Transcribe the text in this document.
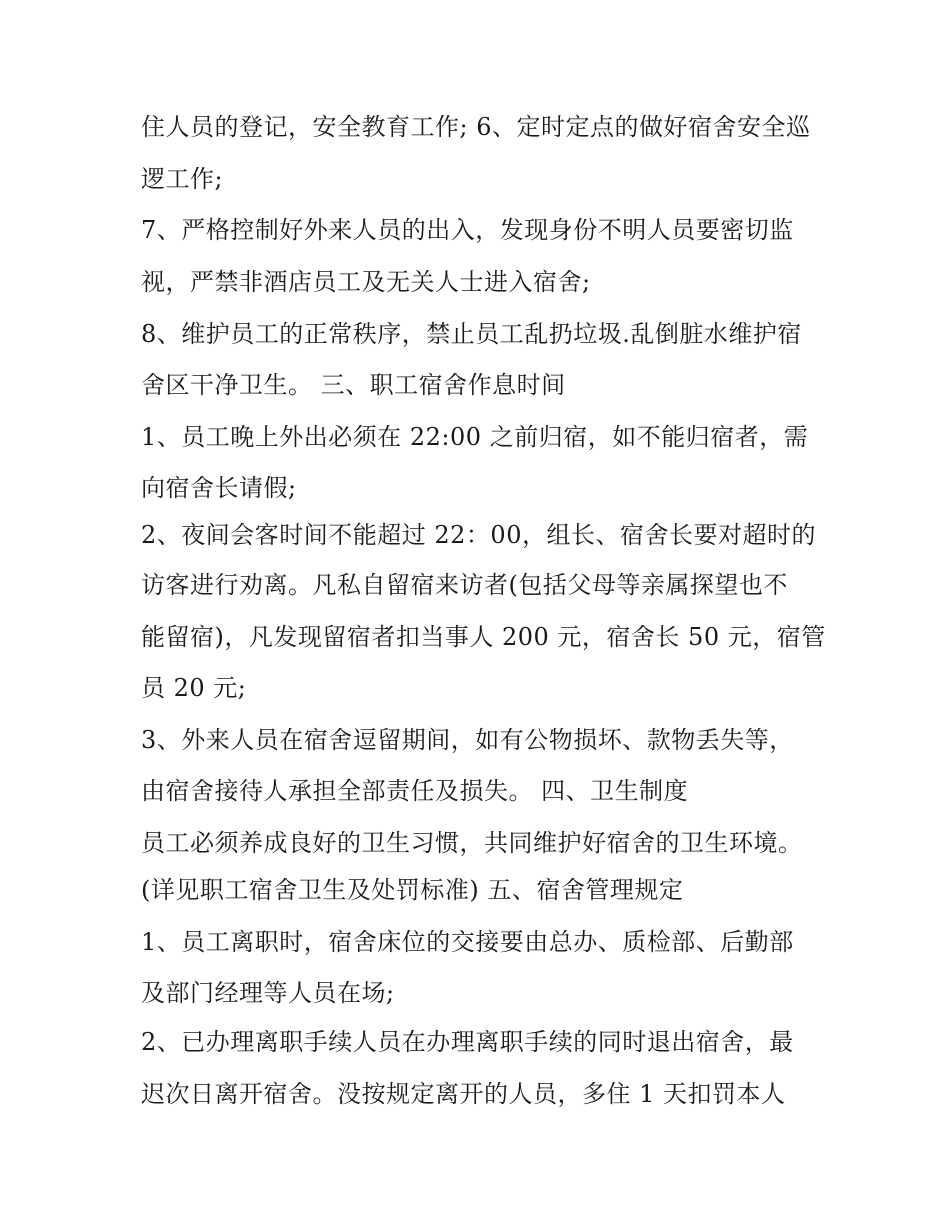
住人员的登记，安全教育工作; 6、定时定点的做好宿舍安全巡
逻工作;
7、严格控制好外来人员的出入，发现身份不明人员要密切监
视，严禁非酒店员工及无关人士进入宿舍;
8、维护员工的正常秩序，禁止员工乱扔垃圾.乱倒脏水维护宿
舍区干净卫生。 三、职工宿舍作息时间
1、员工晚上外出必须在 22:00 之前归宿，如不能归宿者，需
向宿舍长请假;
2、夜间会客时间不能超过 22：00，组长、宿舍长要对超时的
访客进行劝离。凡私自留宿来访者(包括父母等亲属探望也不
能留宿)，凡发现留宿者扣当事人 200 元，宿舍长 50 元，宿管
员 20 元;
3、外来人员在宿舍逗留期间，如有公物损坏、款物丢失等，
由宿舍接待人承担全部责任及损失。 四、卫生制度
员工必须养成良好的卫生习惯，共同维护好宿舍的卫生环境。
(详见职工宿舍卫生及处罚标准) 五、宿舍管理规定
1、员工离职时，宿舍床位的交接要由总办、质检部、后勤部
及部门经理等人员在场;
2、已办理离职手续人员在办理离职手续的同时退出宿舍，最
迟次日离开宿舍。没按规定离开的人员，多住 1 天扣罚本人
